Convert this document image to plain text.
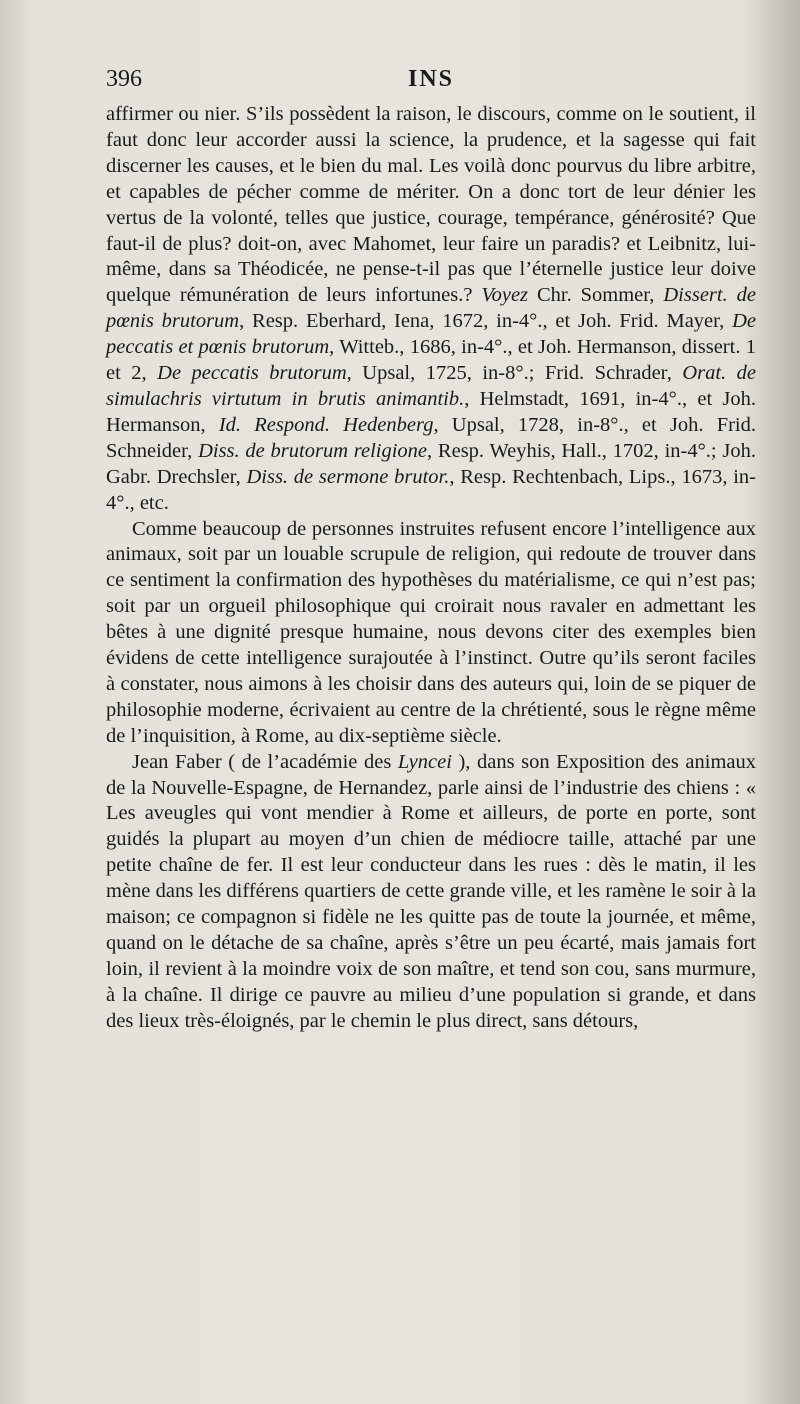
396	INS

affirmer ou nier. S’ils possèdent la raison, le discours, comme on le soutient, il faut donc leur accorder aussi la science, la prudence, et la sagesse qui fait discerner les causes, et le bien du mal. Les voilà donc pourvus du libre arbitre, et capables de pécher comme de mériter. On a donc tort de leur dénier les vertus de la volonté, telles que justice, courage, tempérance, générosité? Que faut-il de plus? doit-on, avec Mahomet, leur faire un paradis? et Leibnitz, lui-même, dans sa Théodicée, ne pense-t-il pas que l’éternelle justice leur doive quelque rémunération de leurs infortunes.? Voyez Chr. Sommer, Dissert. de pœnis brutorum, Resp. Eberhard, Iena, 1672, in-4°., et Joh. Frid. Mayer, De peccatis et pœnis brutorum, Witteb., 1686, in-4°., et Joh. Hermanson, dissert. 1 et 2, De peccatis brutorum, Upsal, 1725, in-8°.; Frid. Schrader, Orat. de simulachris virtutum in brutis animantib., Helmstadt, 1691, in-4°., et Joh. Hermanson, Id. Respond. Hedenberg, Upsal, 1728, in-8°., et Joh. Frid. Schneider, Diss. de brutorum religione, Resp. Weyhis, Hall., 1702, in-4°.; Joh. Gabr. Drechsler, Diss. de sermone brutor., Resp. Rechtenbach, Lips., 1673, in-4°., etc.

Comme beaucoup de personnes instruites refusent encore l’intelligence aux animaux, soit par un louable scrupule de religion, qui redoute de trouver dans ce sentiment la confirmation des hypothèses du matérialisme, ce qui n’est pas; soit par un orgueil philosophique qui croirait nous ravaler en admettant les bêtes à une dignité presque humaine, nous devons citer des exemples bien évidens de cette intelligence surajoutée à l’instinct. Outre qu’ils seront faciles à constater, nous aimons à les choisir dans des auteurs qui, loin de se piquer de philosophie moderne, écrivaient au centre de la chrétienté, sous le règne même de l’inquisition, à Rome, au dix-septième siècle.

Jean Faber ( de l’académie des Lyncei ), dans son Exposition des animaux de la Nouvelle-Espagne, de Hernandez, parle ainsi de l’industrie des chiens : « Les aveugles qui vont mendier à Rome et ailleurs, de porte en porte, sont guidés la plupart au moyen d’un chien de médiocre taille, attaché par une petite chaîne de fer. Il est leur conducteur dans les rues : dès le matin, il les mène dans les différens quartiers de cette grande ville, et les ramène le soir à la maison; ce compagnon si fidèle ne les quitte pas de toute la journée, et même, quand on le détache de sa chaîne, après s’être un peu écarté, mais jamais fort loin, il revient à la moindre voix de son maître, et tend son cou, sans murmure, à la chaîne. Il dirige ce pauvre au milieu d’une population si grande, et dans des lieux très-éloignés, par le chemin le plus direct, sans détours,
